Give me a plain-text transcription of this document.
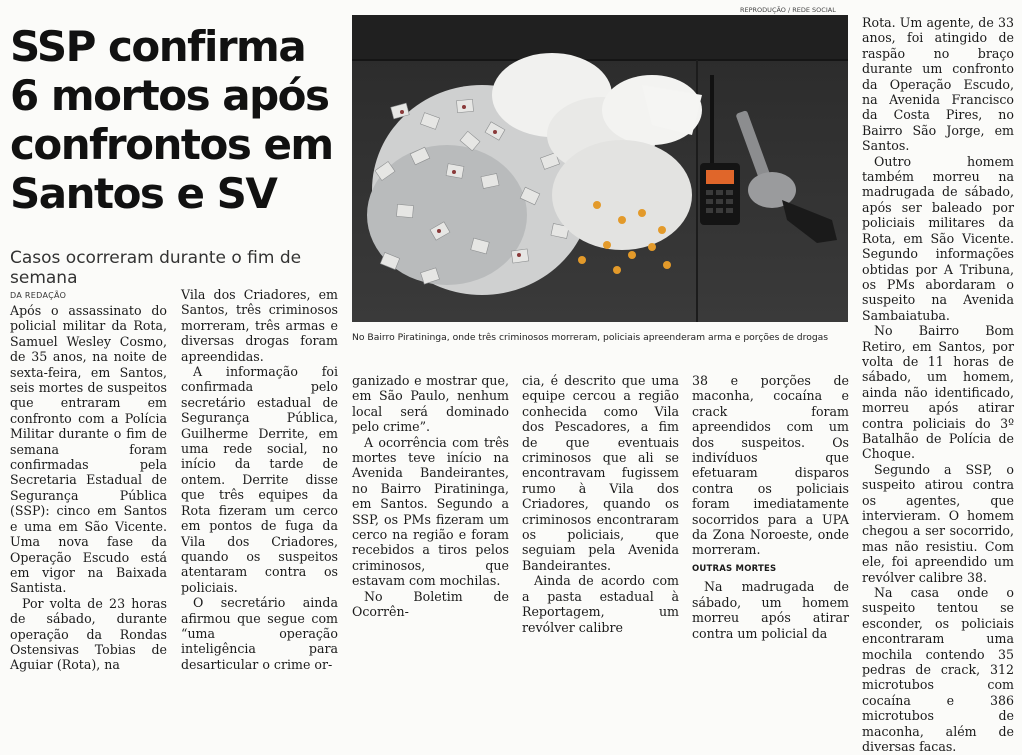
SSP confirma
6 mortos após
confrontos em
Santos e SV
Casos ocorreram durante o fim de semana
DA REDAÇÃO

Após o assassinato do policial militar da Rota, Samuel Wesley Cosmo, de 35 anos, na noite de sexta-feira, em Santos, seis mortes de suspeitos que entraram em confronto com a Polícia Militar durante o fim de semana foram confirmadas pela Secretaria Estadual de Segurança Pública (SSP): cinco em Santos e uma em São Vicente. Uma nova fase da Operação Escudo está em vigor na Baixada Santista.

Por volta de 23 horas de sábado, durante operação da Rondas Ostensivas Tobias de Aguiar (Rota), na

Vila dos Criadores, em Santos, três criminosos morreram, três armas e diversas drogas foram apreendidas.

A informação foi confirmada pelo secretário estadual de Segurança Pública, Guilherme Derrite, em uma rede social, no início da tarde de ontem. Derrite disse que três equipes da Rota fizeram um cerco em pontos de fuga da Vila dos Criadores, quando os suspeitos atentaram contra os policiais.

O secretário ainda afirmou que segue com “uma operação inteligência para desarticular o crime or-

ganizado e mostrar que, em São Paulo, nenhum local será dominado pelo crime”.

A ocorrência com três mortes teve início na Avenida Bandeirantes, no Bairro Piratininga, em Santos. Segundo a SSP, os PMs fizeram um cerco na região e foram recebidos a tiros pelos criminosos, que estavam com mochilas.

No Boletim de Ocorrên-

cia, é descrito que uma equipe cercou a região conhecida como Vila dos Pescadores, a fim de que eventuais criminosos que ali se encontravam fugissem rumo à Vila dos Criadores, quando os criminosos encontraram os policiais, que seguiam pela Avenida Bandeirantes.

Ainda de acordo com a pasta estadual à Reportagem, um revólver calibre

38 e porções de maconha, cocaína e crack foram apreendidos com um dos suspeitos. Os indivíduos que efetuaram disparos contra os policiais foram imediatamente socorridos para a UPA da Zona Noroeste, onde morreram.

OUTRAS MORTES

Na madrugada de sábado, um homem morreu após atirar contra um policial da

Rota. Um agente, de 33 anos, foi atingido de raspão no braço durante um confronto da Operação Escudo, na Avenida Francisco da Costa Pires, no Bairro São Jorge, em Santos.

Outro homem também morreu na madrugada de sábado, após ser baleado por policiais militares da Rota, em São Vicente. Segundo informações obtidas por A Tribuna, os PMs abordaram o suspeito na Avenida Sambaiatuba.

No Bairro Bom Retiro, em Santos, por volta de 11 horas de sábado, um homem, ainda não identificado, morreu após atirar contra policiais do 3º Batalhão de Polícia de Choque.

Segundo a SSP, o suspeito atirou contra os agentes, que intervieram. O homem chegou a ser socorrido, mas não resistiu. Com ele, foi apreendido um revólver calibre 38.

Na casa onde o suspeito tentou se esconder, os policiais encontraram uma mochila contendo 35 pedras de crack, 312 microtubos com cocaína e 386 microtubos de maconha, além de diversas facas.

REPRODUÇÃO / REDE SOCIAL
No Bairro Piratininga, onde três criminosos morreram, policiais apreenderam arma e porções de drogas
